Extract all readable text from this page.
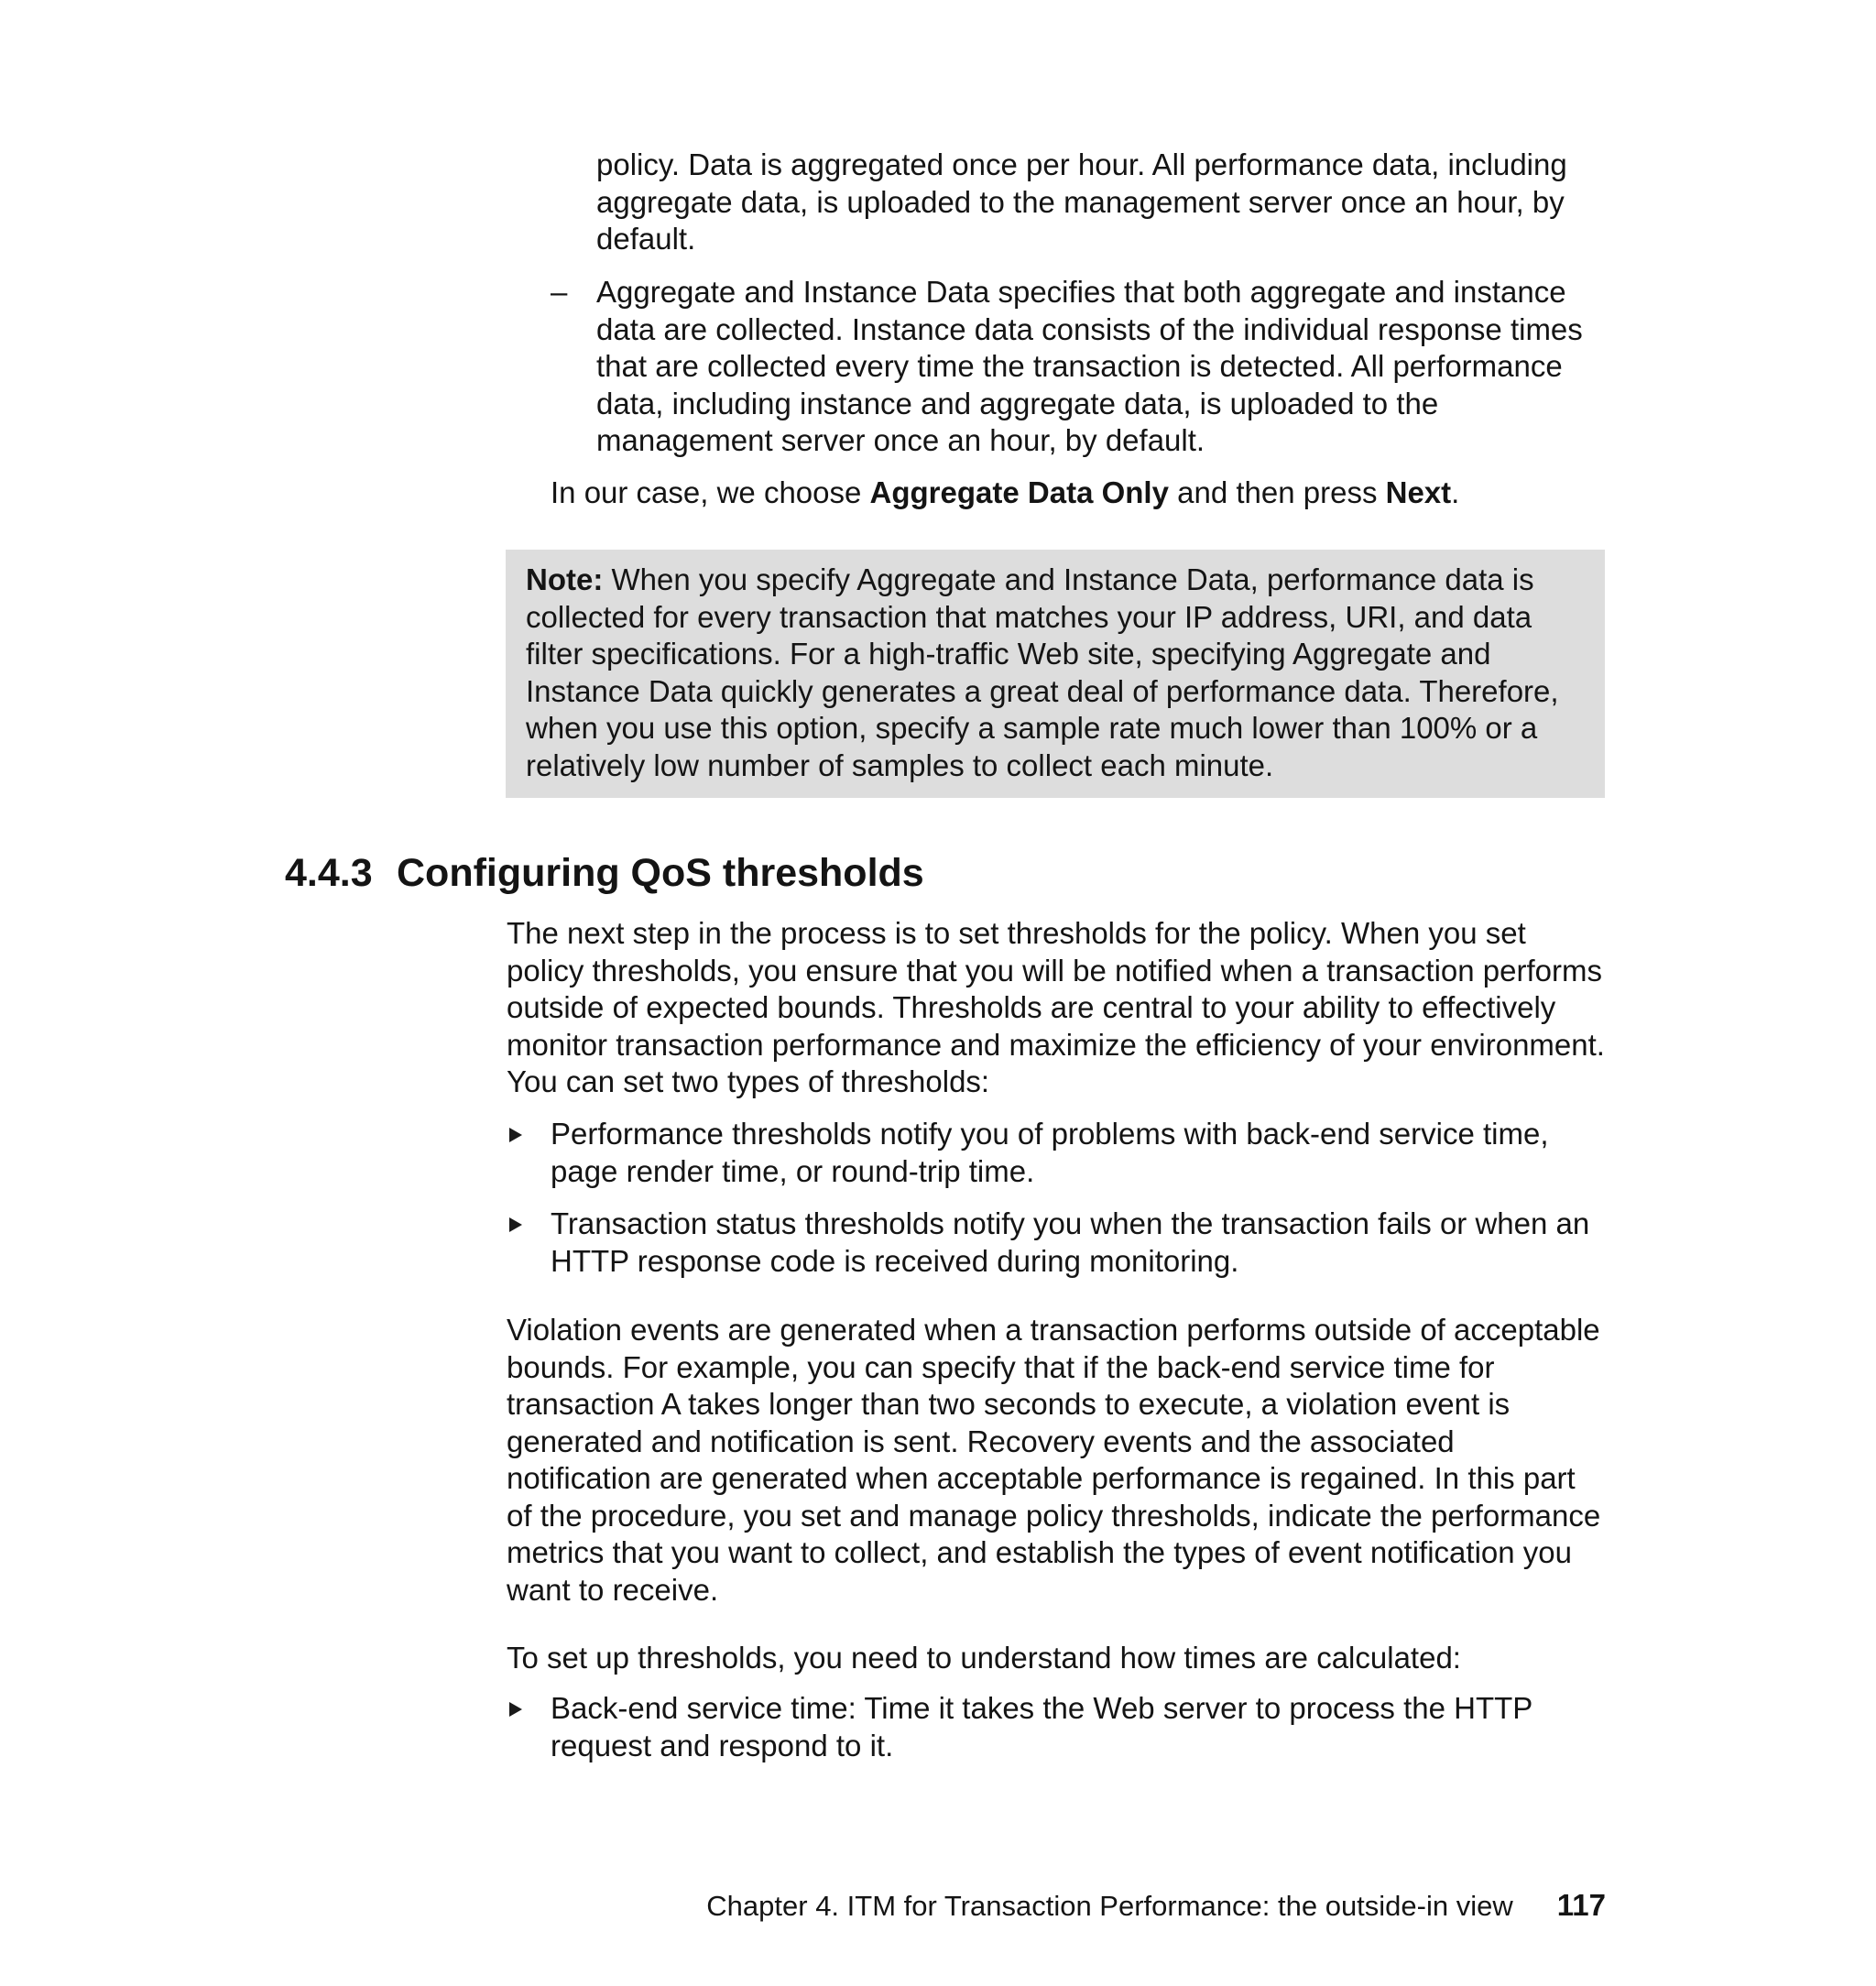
policy. Data is aggregated once per hour. All performance data, including aggregate data, is uploaded to the management server once an hour, by default.

– Aggregate and Instance Data specifies that both aggregate and instance data are collected. Instance data consists of the individual response times that are collected every time the transaction is detected. All performance data, including instance and aggregate data, is uploaded to the management server once an hour, by default.

In our case, we choose Aggregate Data Only and then press Next.

Note: When you specify Aggregate and Instance Data, performance data is collected for every transaction that matches your IP address, URI, and data filter specifications. For a high-traffic Web site, specifying Aggregate and Instance Data quickly generates a great deal of performance data. Therefore, when you use this option, specify a sample rate much lower than 100% or a relatively low number of samples to collect each minute.

4.4.3 Configuring QoS thresholds

The next step in the process is to set thresholds for the policy. When you set policy thresholds, you ensure that you will be notified when a transaction performs outside of expected bounds. Thresholds are central to your ability to effectively monitor transaction performance and maximize the efficiency of your environment. You can set two types of thresholds:

Performance thresholds notify you of problems with back-end service time, page render time, or round-trip time.

Transaction status thresholds notify you when the transaction fails or when an HTTP response code is received during monitoring.

Violation events are generated when a transaction performs outside of acceptable bounds. For example, you can specify that if the back-end service time for transaction A takes longer than two seconds to execute, a violation event is generated and notification is sent. Recovery events and the associated notification are generated when acceptable performance is regained. In this part of the procedure, you set and manage policy thresholds, indicate the performance metrics that you want to collect, and establish the types of event notification you want to receive.

To set up thresholds, you need to understand how times are calculated:

Back-end service time: Time it takes the Web server to process the HTTP request and respond to it.

Chapter 4. ITM for Transaction Performance: the outside-in view 117
